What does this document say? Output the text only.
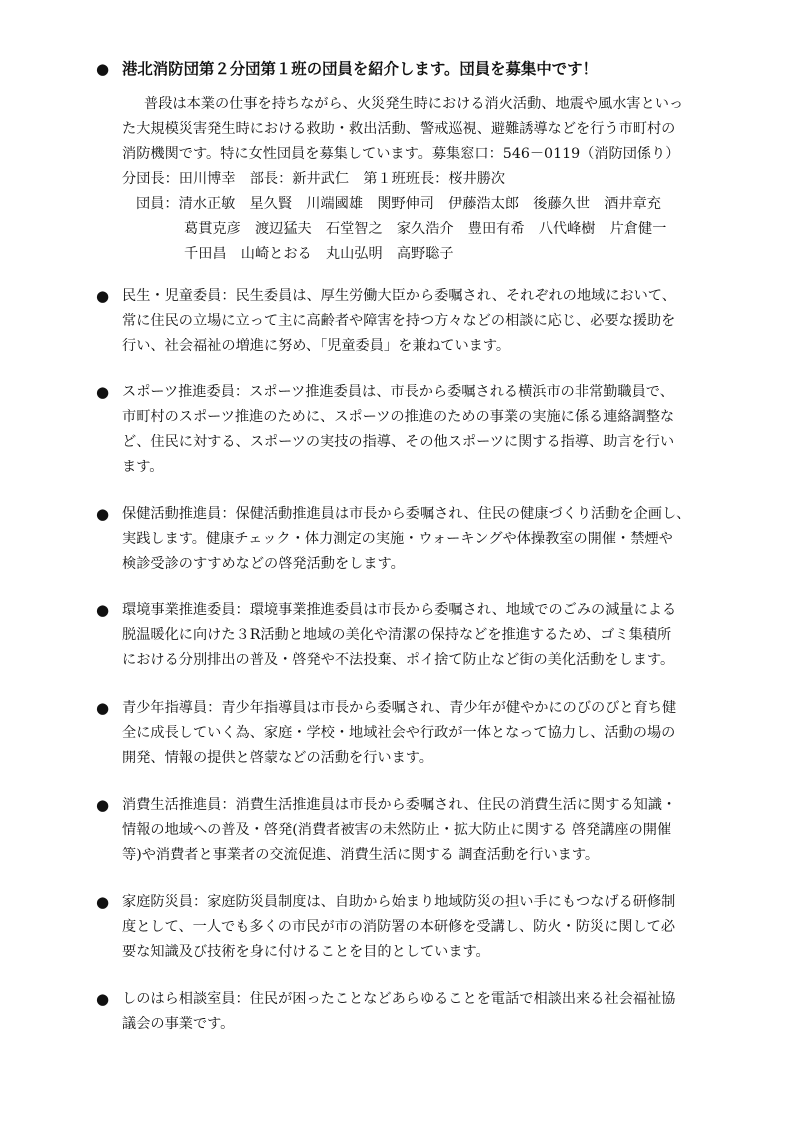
●
港北消防団第２分団第１班の団員を紹介します。団員を募集中です！
普段は本業の仕事を持ちながら、火災発生時における消火活動、地震や風水害といっ
た大規模災害発生時における救助・救出活動、警戒巡視、避難誘導などを行う市町村の
消防機関です。特に女性団員を募集しています。募集窓口：546－0119（消防団係り）
分団長：田川博幸　部長：新井武仁　第１班班長：桜井勝次
団員：清水正敏　星久賢　川端國雄　関野伸司　伊藤浩太郎　後藤久世　酒井章充
葛貫克彦　渡辺猛夫　石堂智之　家久浩介　豊田有希　八代峰樹　片倉健一
千田昌　山崎とおる　丸山弘明　高野聡子
●
民生・児童委員：民生委員は、厚生労働大臣から委嘱され、それぞれの地域において、
常に住民の立場に立って主に高齢者や障害を持つ方々などの相談に応じ、必要な援助を
行い、社会福祉の増進に努め、「児童委員」を兼ねています。
●
スポーツ推進委員：スポーツ推進委員は、市長から委嘱される横浜市の非常勤職員で、
市町村のスポーツ推進のために、スポーツの推進のための事業の実施に係る連絡調整な
ど、住民に対する、スポーツの実技の指導、その他スポーツに関する指導、助言を行い
ます。
●
保健活動推進員：保健活動推進員は市長から委嘱され、住民の健康づくり活動を企画し、
実践します。健康チェック・体力測定の実施・ウォーキングや体操教室の開催・禁煙や
検診受診のすすめなどの啓発活動をします。
●
環境事業推進委員：環境事業推進委員は市長から委嘱され、地域でのごみの減量による
脱温暖化に向けた３R活動と地域の美化や清潔の保持などを推進するため、ゴミ集積所
における分別排出の普及・啓発や不法投棄、ポイ捨て防止など街の美化活動をします。
●
青少年指導員：青少年指導員は市長から委嘱され、青少年が健やかにのびのびと育ち健
全に成長していく為、家庭・学校・地域社会や行政が一体となって協力し、活動の場の
開発、情報の提供と啓蒙などの活動を行います。
●
消費生活推進員：消費生活推進員は市長から委嘱され、住民の消費生活に関する知識・
情報の地域への普及・啓発(消費者被害の未然防止・拡大防止に関する 啓発講座の開催
等)や消費者と事業者の交流促進、消費生活に関する 調査活動を行います。
●
家庭防災員：家庭防災員制度は、自助から始まり地域防災の担い手にもつなげる研修制
度として、一人でも多くの市民が市の消防署の本研修を受講し、防火・防災に関して必
要な知識及び技術を身に付けることを目的としています。
●
しのはら相談室員：住民が困ったことなどあらゆることを電話で相談出来る社会福祉協
議会の事業です。
